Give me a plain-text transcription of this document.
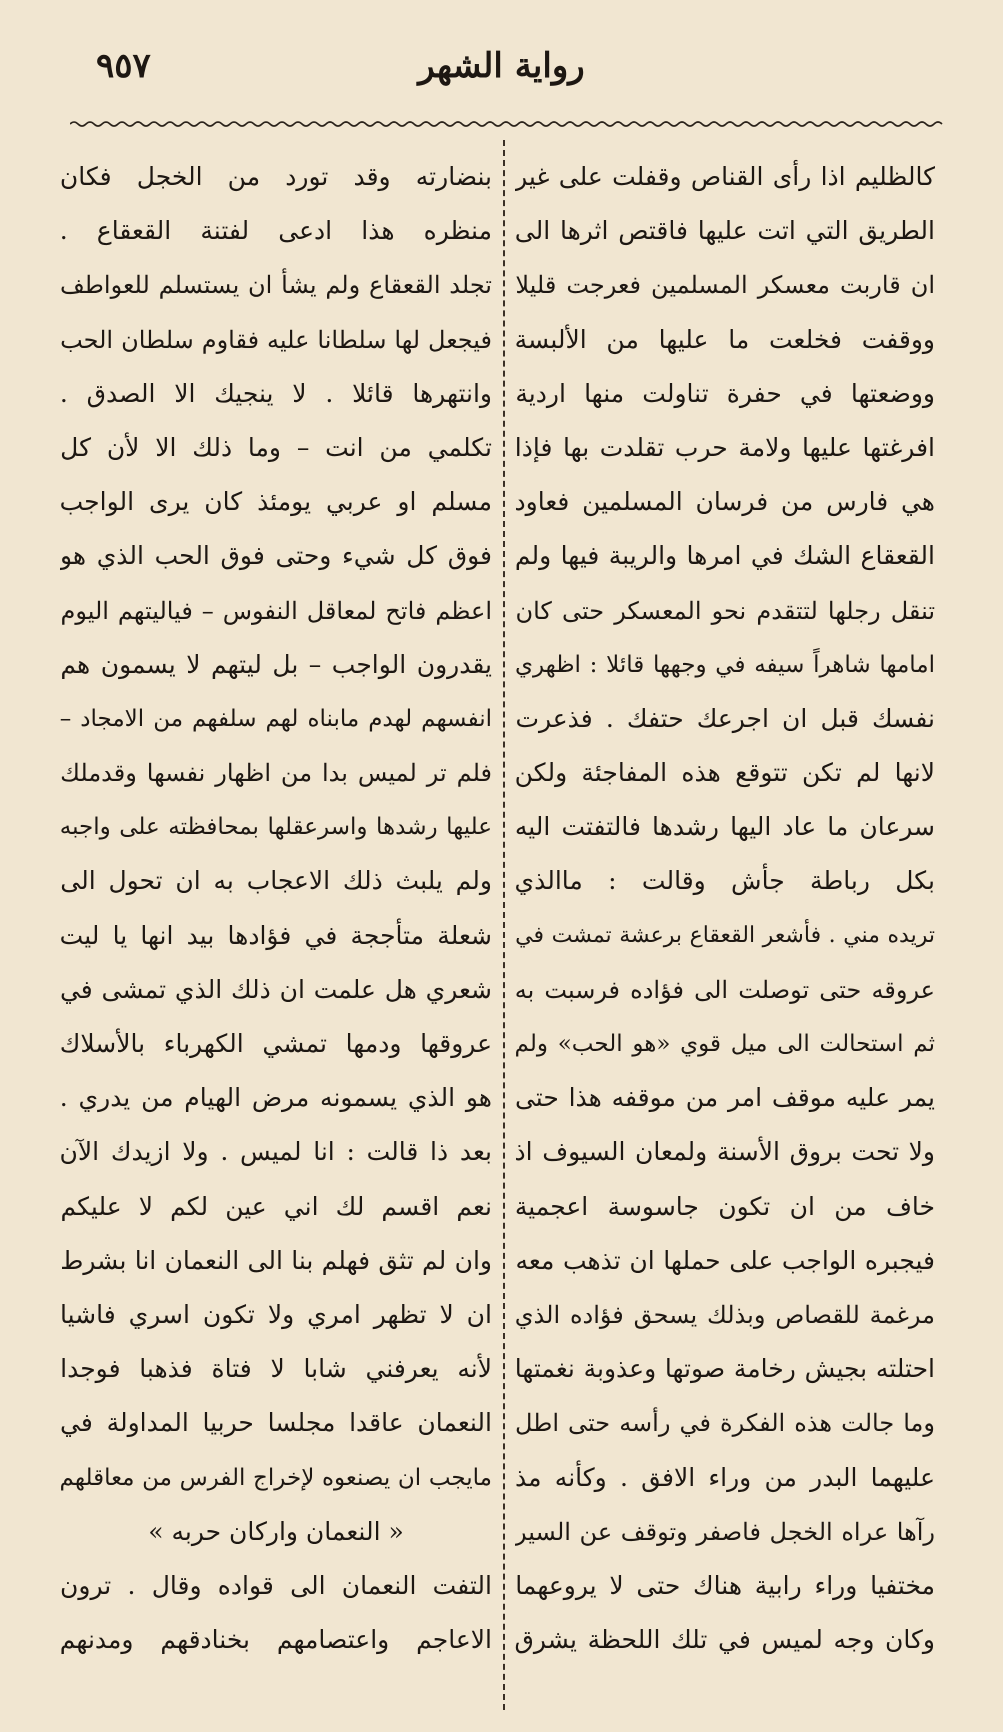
٩٥٧	رواية الشهر
كالظليم اذا رأى القناص وقفلت على غير
الطريق التي اتت عليها فاقتص اثرها الى
ان قاربت معسكر المسلمين فعرجت قليلا
ووقفت فخلعت ما عليها من الألبسة
ووضعتها في حفرة تناولت منها اردية
افرغتها عليها ولامة حرب تقلدت بها فإذا
هي فارس من فرسان المسلمين فعاود
القعقاع الشك في امرها والريبة فيها ولم
تنقل رجلها لتتقدم نحو المعسكر حتى كان
امامها شاهراً سيفه في وجهها قائلا : اظهري
نفسك قبل ان اجرعك حتفك . فذعرت
لانها لم تكن تتوقع هذه المفاجئة ولكن
سرعان ما عاد اليها رشدها فالتفتت اليه
بكل رباطة جأش وقالت : ماالذي
تريده مني . فأشعر القعقاع برعشة تمشت في
عروقه حتى توصلت الى فؤاده فرسبت به
ثم استحالت الى ميل قوي «هو الحب» ولم
يمر عليه موقف امر من موقفه هذا حتى
ولا تحت بروق الأسنة ولمعان السيوف اذ
خاف من ان تكون جاسوسة اعجمية
فيجبره الواجب على حملها ان تذهب معه
مرغمة للقصاص وبذلك يسحق فؤاده الذي
احتلته بجيش رخامة صوتها وعذوبة نغمتها
وما جالت هذه الفكرة في رأسه حتى اطل
عليهما البدر من وراء الافق . وكأنه مذ
رآها عراه الخجل فاصفر وتوقف عن السير
مختفيا وراء رابية هناك حتى لا يروعهما
وكان وجه لميس في تلك اللحظة يشرق
بنضارته وقد تورد من الخجل فكان
منظره هذا ادعى لفتنة القعقاع .
تجلد القعقاع ولم يشأ ان يستسلم للعواطف
فيجعل لها سلطانا عليه فقاوم سلطان الحب
وانتهرها قائلا . لا ينجيك الا الصدق .
تكلمي من انت – وما ذلك الا لأن كل
مسلم او عربي يومئذ كان يرى الواجب
فوق كل شيء وحتى فوق الحب الذي هو
اعظم فاتح لمعاقل النفوس – فياليتهم اليوم
يقدرون الواجب – بل ليتهم لا يسمون هم
انفسهم لهدم مابناه لهم سلفهم من الامجاد –
فلم تر لميس بدا من اظهار نفسها وقدملك
عليها رشدها واسرعقلها بمحافظته على واجبه
ولم يلبث ذلك الاعجاب به ان تحول الى
شعلة متأججة في فؤادها بيد انها يا ليت
شعري هل علمت ان ذلك الذي تمشى في
عروقها ودمها تمشي الكهرباء بالأسلاك
هو الذي يسمونه مرض الهيام من يدري .
بعد ذا قالت : انا لميس . ولا ازيدك الآن
نعم اقسم لك اني عين لكم لا عليكم
وان لم تثق فهلم بنا الى النعمان انا بشرط
ان لا تظهر امري ولا تكون اسري فاشيا
لأنه يعرفني شابا لا فتاة فذهبا فوجدا
النعمان عاقدا مجلسا حربيا المداولة في
مايجب ان يصنعوه لإخراج الفرس من معاقلهم
« النعمان واركان حربه »
التفت النعمان الى قواده وقال . ترون
الاعاجم واعتصامهم بخنادقهم ومدنهم
